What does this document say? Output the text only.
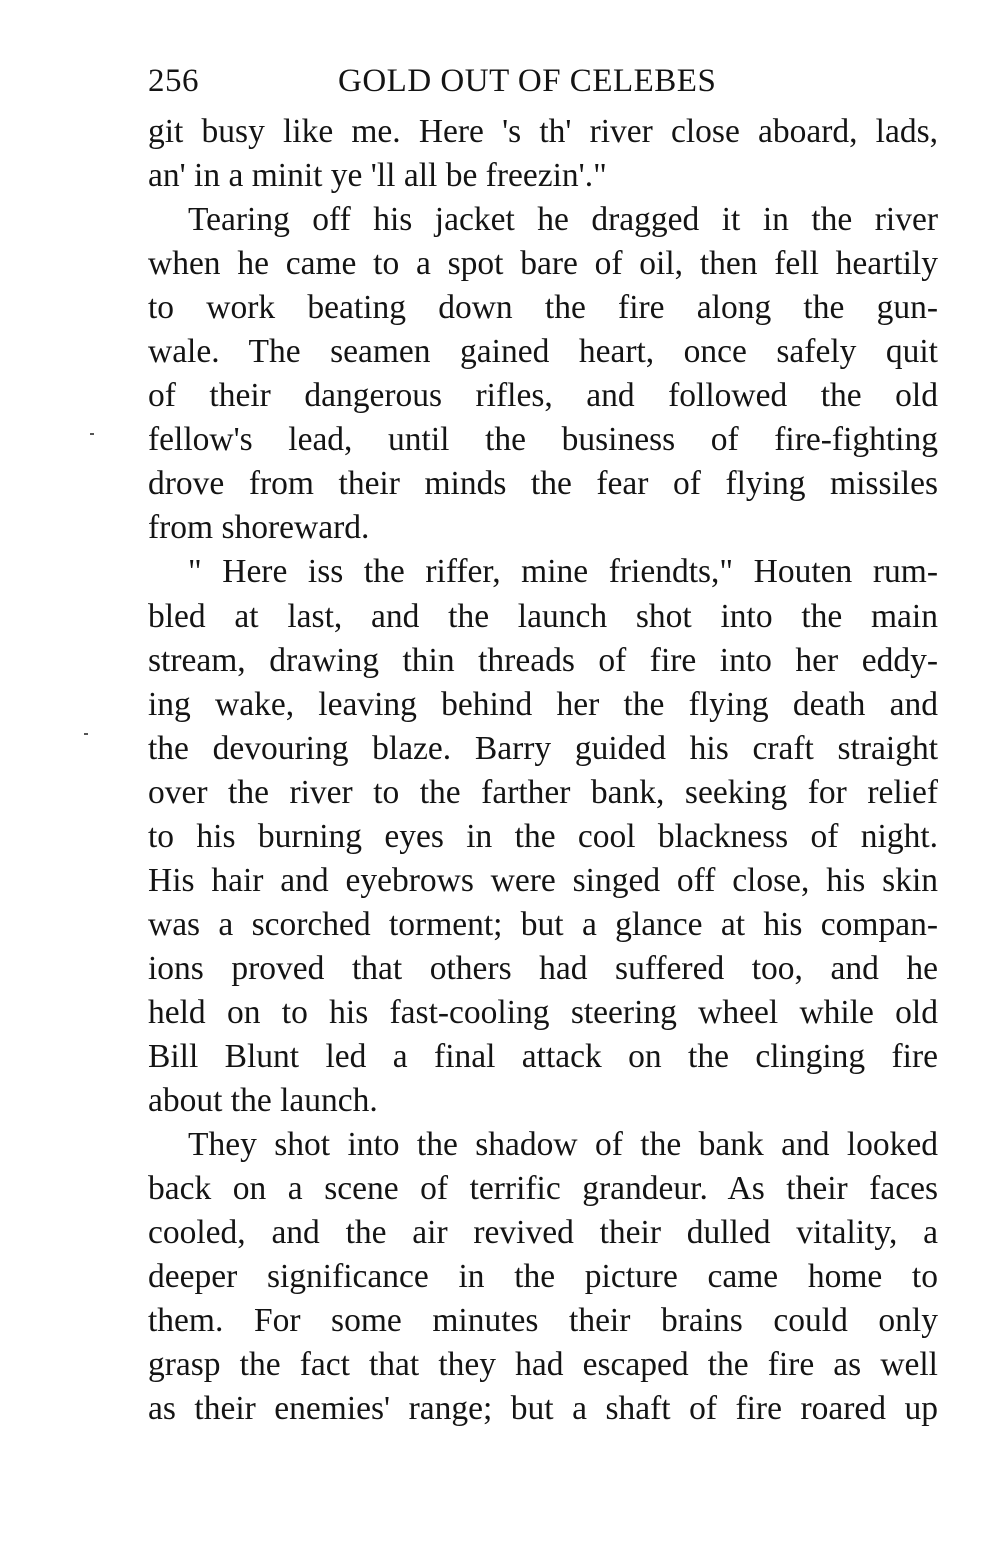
256	GOLD OUT OF CELEBES
git busy like me. Here 's th' river close aboard, lads,
an' in a minit ye 'll all be freezin'."
Tearing off his jacket he dragged it in the river
when he came to a spot bare of oil, then fell heartily
to work beating down the fire along the gun-
wale. The seamen gained heart, once safely quit
of their dangerous rifles, and followed the old
fellow's lead, until the business of fire-fighting
drove from their minds the fear of flying missiles
from shoreward.
" Here iss the riffer, mine friendts," Houten rum-
bled at last, and the launch shot into the main
stream, drawing thin threads of fire into her eddy-
ing wake, leaving behind her the flying death and
the devouring blaze. Barry guided his craft straight
over the river to the farther bank, seeking for relief
to his burning eyes in the cool blackness of night.
His hair and eyebrows were singed off close, his skin
was a scorched torment; but a glance at his compan-
ions proved that others had suffered too, and he
held on to his fast-cooling steering wheel while old
Bill Blunt led a final attack on the clinging fire
about the launch.
They shot into the shadow of the bank and looked
back on a scene of terrific grandeur. As their faces
cooled, and the air revived their dulled vitality, a
deeper significance in the picture came home to
them. For some minutes their brains could only
grasp the fact that they had escaped the fire as well
as their enemies' range; but a shaft of fire roared up
